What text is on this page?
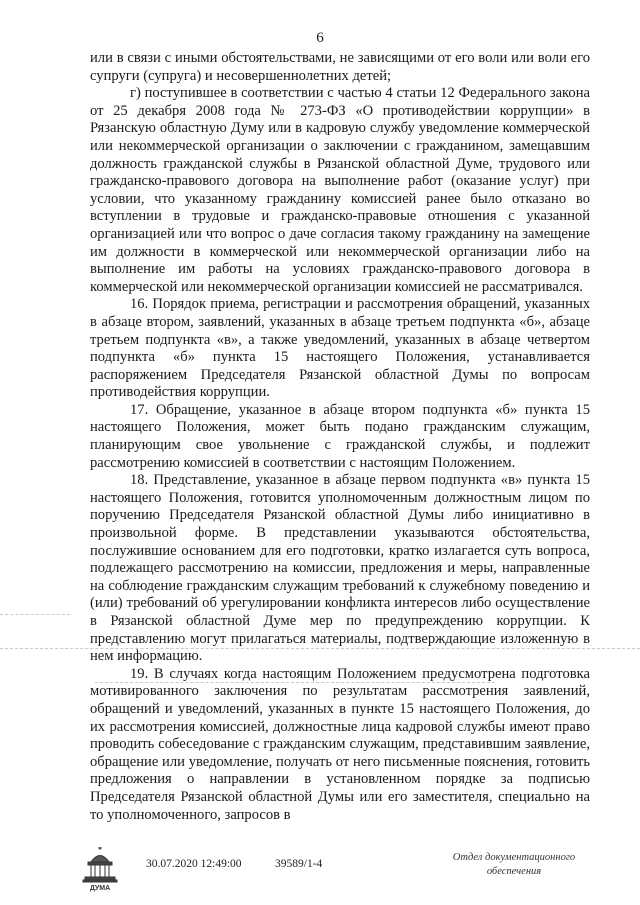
6

или в связи с иными обстоятельствами, не зависящими от его воли или воли его супруги (супруга) и несовершеннолетних детей;

г) поступившее в соответствии с частью 4 статьи 12 Федерального закона от 25 декабря 2008 года № 273-ФЗ «О противодействии коррупции» в Рязанскую областную Думу или в кадровую службу уведомление коммерческой или некоммерческой организации о заключении с гражданином, замещавшим должность гражданской службы в Рязанской областной Думе, трудового или гражданско-правового договора на выполнение работ (оказание услуг) при условии, что указанному гражданину комиссией ранее было отказано во вступлении в трудовые и гражданско-правовые отношения с указанной организацией или что вопрос о даче согласия такому гражданину на замещение им должности в коммерческой или некоммерческой организации либо на выполнение им работы на условиях гражданско-правового договора в коммерческой или некоммерческой организации комиссией не рассматривался.

16. Порядок приема, регистрации и рассмотрения обращений, указанных в абзаце втором, заявлений, указанных в абзаце третьем подпункта «б», абзаце третьем подпункта «в», а также уведомлений, указанных в абзаце четвертом подпункта «б» пункта 15 настоящего Положения, устанавливается распоряжением Председателя Рязанской областной Думы по вопросам противодействия коррупции.

17. Обращение, указанное в абзаце втором подпункта «б» пункта 15 настоящего Положения, может быть подано гражданским служащим, планирующим свое увольнение с гражданской службы, и подлежит рассмотрению комиссией в соответствии с настоящим Положением.

18. Представление, указанное в абзаце первом подпункта «в» пункта 15 настоящего Положения, готовится уполномоченным должностным лицом по поручению Председателя Рязанской областной Думы либо инициативно в произвольной форме. В представлении указываются обстоятельства, послужившие основанием для его подготовки, кратко излагается суть вопроса, подлежащего рассмотрению на комиссии, предложения и меры, направленные на соблюдение гражданским служащим требований к служебному поведению и (или) требований об урегулировании конфликта интересов либо осуществление в Рязанской областной Думе мер по предупреждению коррупции. К представлению могут прилагаться материалы, подтверждающие изложенную в нем информацию.

19. В случаях когда настоящим Положением предусмотрена подготовка мотивированного заключения по результатам рассмотрения заявлений, обращений и уведомлений, указанных в пункте 15 настоящего Положения, до их рассмотрения комиссией, должностные лица кадровой службы имеют право проводить собеседование с гражданским служащим, представившим заявление, обращение или уведомление, получать от него письменные пояснения, готовить предложения о направлении в установленном порядке за подписью Председателя Рязанской областной Думы или его заместителя, специально на то уполномоченного, запросов в

ДУМА
30.07.2020 12:49:00	39589/1-4
Отдел документационного
обеспечения
